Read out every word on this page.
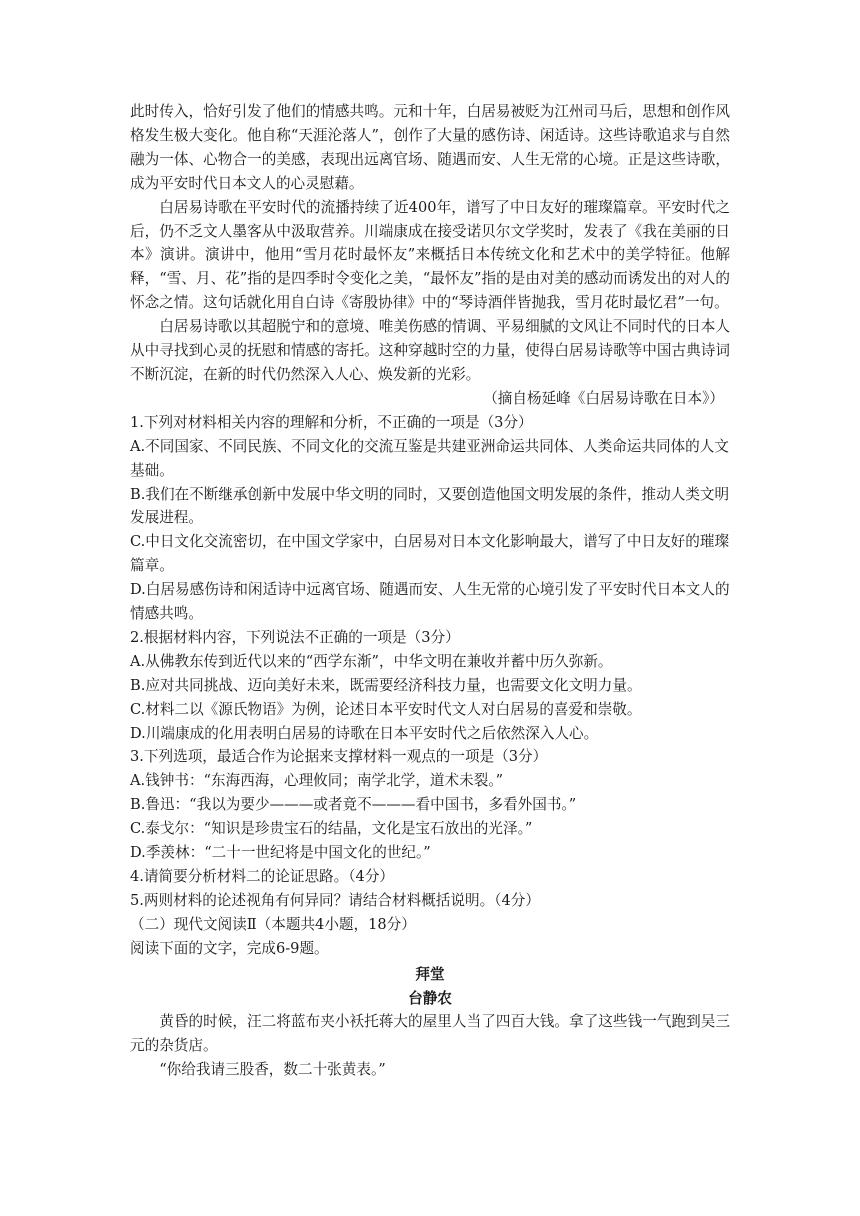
此时传入，恰好引发了他们的情感共鸣。元和十年，白居易被贬为江州司马后，思想和创作风格发生极大变化。他自称“天涯沦落人”，创作了大量的感伤诗、闲适诗。这些诗歌追求与自然融为一体、心物合一的美感，表现出远离官场、随遇而安、人生无常的心境。正是这些诗歌，成为平安时代日本文人的心灵慰藉。

白居易诗歌在平安时代的流播持续了近400年，谱写了中日友好的璀璨篇章。平安时代之后，仍不乏文人墨客从中汲取营养。川端康成在接受诺贝尔文学奖时，发表了《我在美丽的日本》演讲。演讲中，他用“雪月花时最怀友”来概括日本传统文化和艺术中的美学特征。他解释，“雪、月、花”指的是四季时令变化之美，“最怀友”指的是由对美的感动而诱发出的对人的怀念之情。这句话就化用自白诗《寄殷协律》中的“琴诗酒伴皆抛我，雪月花时最忆君”一句。

白居易诗歌以其超脱宁和的意境、唯美伤感的情调、平易细腻的文风让不同时代的日本人从中寻找到心灵的抚慰和情感的寄托。这种穿越时空的力量，使得白居易诗歌等中国古典诗词不断沉淀，在新的时代仍然深入人心、焕发新的光彩。

（摘自杨延峰《白居易诗歌在日本》）

1.下列对材料相关内容的理解和分析，不正确的一项是（3分）

A.不同国家、不同民族、不同文化的交流互鉴是共建亚洲命运共同体、人类命运共同体的人文基础。

B.我们在不断继承创新中发展中华文明的同时，又要创造他国文明发展的条件，推动人类文明发展进程。

C.中日文化交流密切，在中国文学家中，白居易对日本文化影响最大，谱写了中日友好的璀璨篇章。

D.白居易感伤诗和闲适诗中远离官场、随遇而安、人生无常的心境引发了平安时代日本文人的情感共鸣。

2.根据材料内容，下列说法不正确的一项是（3分）

A.从佛教东传到近代以来的“西学东渐”，中华文明在兼收并蓄中历久弥新。

B.应对共同挑战、迈向美好未来，既需要经济科技力量，也需要文化文明力量。

C.材料二以《源氏物语》为例，论述日本平安时代文人对白居易的喜爱和崇敬。

D.川端康成的化用表明白居易的诗歌在日本平安时代之后依然深入人心。

3.下列选项，最适合作为论据来支撑材料一观点的一项是（3分）

A.钱钟书：“东海西海，心理攸同；南学北学，道术未裂。”

B.鲁迅：“我以为要少———或者竟不———看中国书，多看外国书。”

C.泰戈尔：“知识是珍贵宝石的结晶，文化是宝石放出的光泽。”

D.季羡林：“二十一世纪将是中国文化的世纪。”

4.请简要分析材料二的论证思路。（4分）

5.两则材料的论述视角有何异同？请结合材料概括说明。（4分）

（二）现代文阅读Ⅱ（本题共4小题，18分）

阅读下面的文字，完成6-9题。

拜堂

台静农

黄昏的时候，汪二将蓝布夹小袄托蒋大的屋里人当了四百大钱。拿了这些钱一气跑到吴三元的杂货店。

“你给我请三股香，数二十张黄表。”
